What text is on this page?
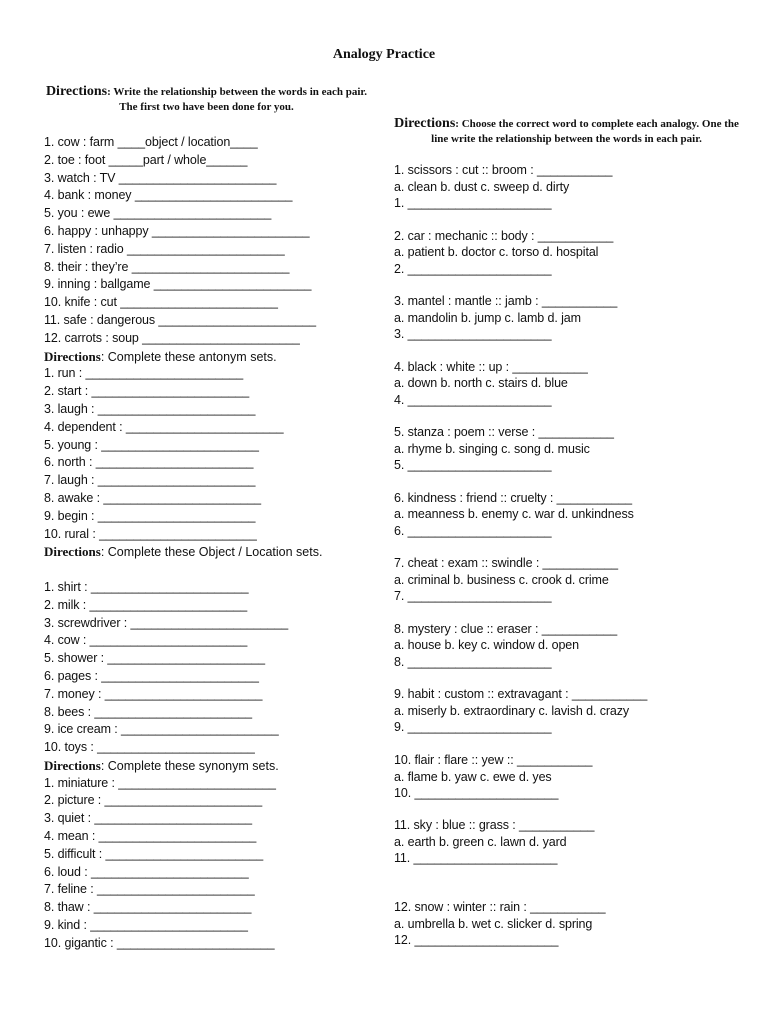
Analogy Practice
Directions: Write the relationship between the words in each pair. The first two have been done for you.
1. cow : farm ____object / location____
2. toe : foot _____part / whole______
3. watch : TV _______________________
4. bank : money _______________________
5. you : ewe _______________________
6. happy : unhappy _______________________
7. listen : radio _______________________
8. their : they’re _______________________
9. inning : ballgame _______________________
10. knife : cut _______________________
11. safe : dangerous _______________________
12. carrots : soup _______________________
Directions: Complete these antonym sets.
1. run : _______________________
2. start : _______________________
3. laugh : _______________________
4. dependent : _______________________
5. young : _______________________
6. north : _______________________
7. laugh : _______________________
8. awake : _______________________
9. begin : _______________________
10. rural : _______________________
Directions: Complete these Object / Location sets.
1. shirt : _______________________
2. milk : _______________________
3. screwdriver : _______________________
4. cow : _______________________
5. shower : _______________________
6. pages : _______________________
7. money : _______________________
8. bees : _______________________
9. ice cream : _______________________
10. toys : _______________________
Directions: Complete these synonym sets.
1. miniature : _______________________
2. picture : _______________________
3. quiet : _______________________
4. mean : _______________________
5. difficult : _______________________
6. loud : _______________________
7. feline : _______________________
8. thaw : _______________________
9. kind : _______________________
10. gigantic : _______________________
Directions: Choose the correct word to complete each analogy. One the line write the relationship between the words in each pair.
1. scissors : cut :: broom : ___________
a. clean b. dust c. sweep d. dirty
1. _____________________
2. car : mechanic :: body : ___________
a. patient b. doctor c. torso d. hospital
2. _____________________
3. mantel : mantle :: jamb : ___________
a. mandolin b. jump c. lamb d. jam
3. _____________________
4. black : white :: up : ___________
a. down b. north c. stairs d. blue
4. _____________________
5. stanza : poem :: verse : ___________
a. rhyme b. singing c. song d. music
5. _____________________
6. kindness : friend :: cruelty : ___________
a. meanness b. enemy c. war d. unkindness
6. _____________________
7. cheat : exam :: swindle : ___________
a. criminal b. business c. crook d. crime
7. _____________________
8. mystery : clue :: eraser : ___________
a. house b. key c. window d. open
8. _____________________
9. habit : custom :: extravagant : ___________
a. miserly b. extraordinary c. lavish d. crazy
9. _____________________
10. flair : flare :: yew :: ___________
a. flame b. yaw c. ewe d. yes
10. _____________________
11. sky : blue :: grass : ___________
a. earth b. green c. lawn d. yard
11. _____________________
12. snow : winter :: rain : ___________
a. umbrella b. wet c. slicker d. spring
12. _____________________
